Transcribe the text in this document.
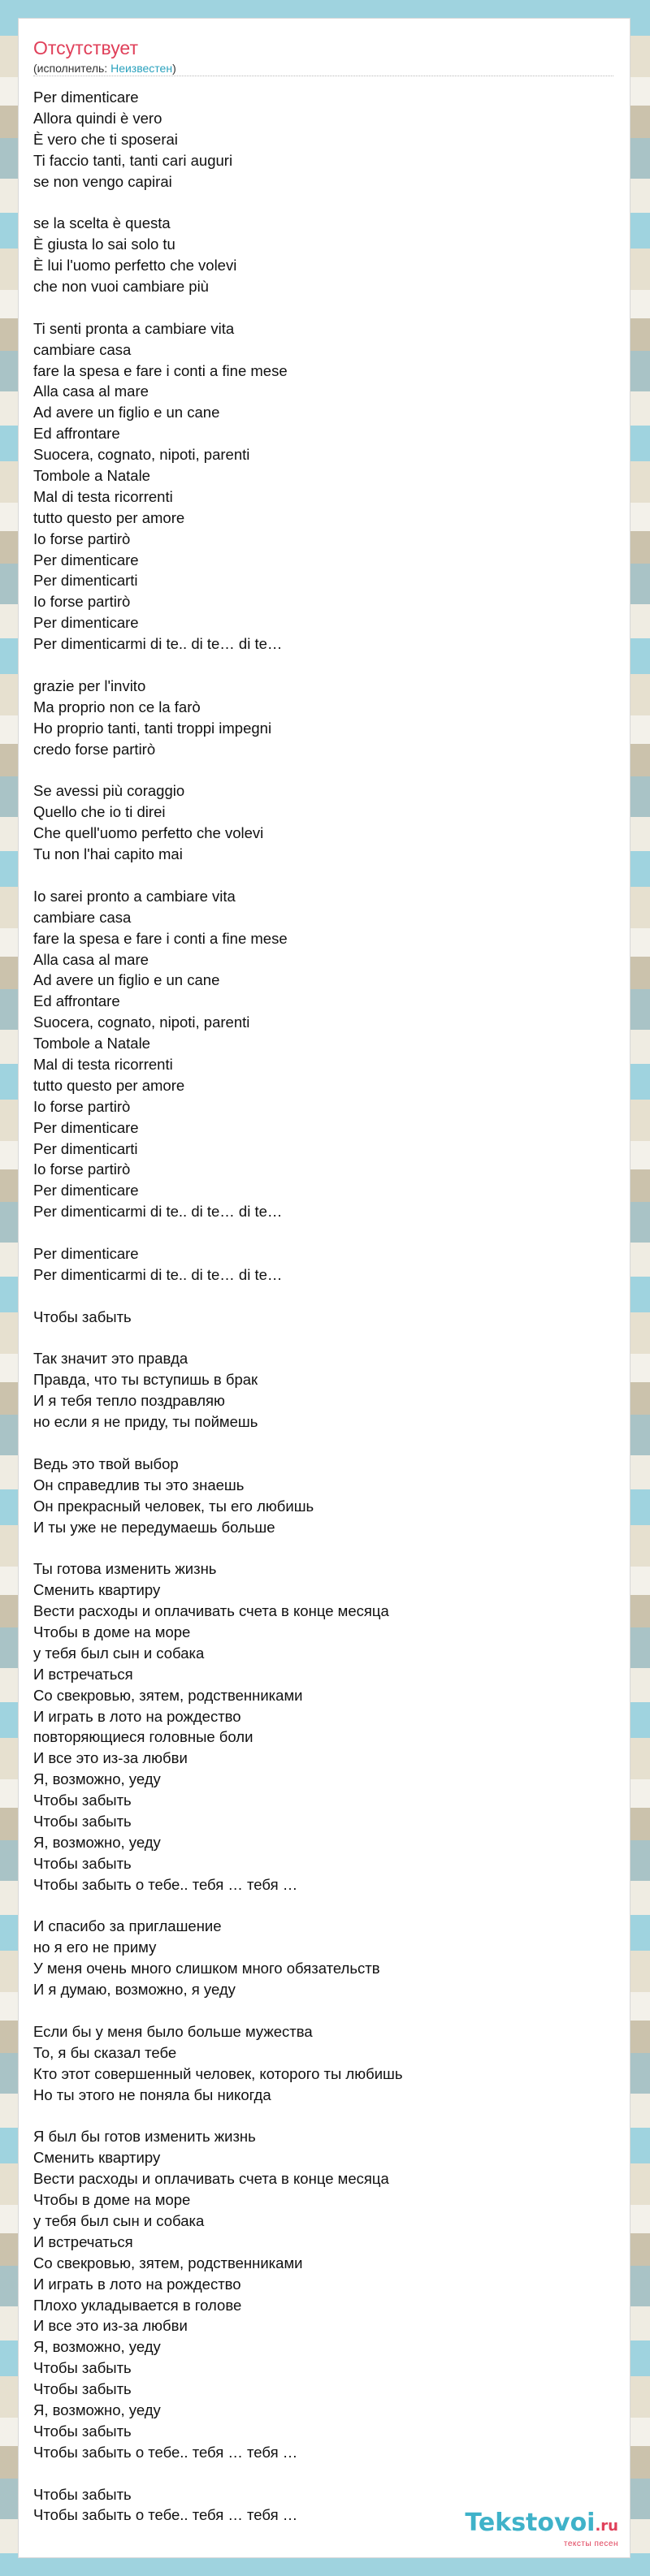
Отсутствует
(исполнитель: Неизвестен)
Per dimenticare
Allora quindi è vero
È vero che ti sposerai
Ti faccio tanti, tanti cari auguri
se non vengo capirai
se la scelta è questa
È giusta lo sai solo tu
È lui l'uomo perfetto che volevi
che non vuoi cambiare più
Ti senti pronta a cambiare vita
cambiare casa
fare la spesa e fare i conti a fine mese
Alla casa al mare
Ad avere un figlio e un cane
Ed affrontare
Suocera, cognato, nipoti, parenti
Tombole a Natale
Mal di testa ricorrenti
tutto questo per amore
Io forse partirò
Per dimenticare
Per dimenticarti
Io forse partirò
Per dimenticare
Per dimenticarmi di te.. di te… di te…
grazie per l'invito
Ma proprio non ce la farò
Ho proprio tanti, tanti troppi impegni
credo forse partirò
Se avessi più coraggio
Quello che io ti direi
Che quell'uomo perfetto che volevi
Tu non l'hai capito mai
Io sarei pronto a cambiare vita
cambiare casa
fare la spesa e fare i conti a fine mese
Alla casa al mare
Ad avere un figlio e un cane
Ed affrontare
Suocera, cognato, nipoti, parenti
Tombole a Natale
Mal di testa ricorrenti
tutto questo per amore
Io forse partirò
Per dimenticare
Per dimenticarti
Io forse partirò
Per dimenticare
Per dimenticarmi di te.. di te… di te…
Per dimenticare
Per dimenticarmi di te.. di te… di te…
Чтобы забыть
Так значит это правда
Правда, что ты вступишь в брак
И я тебя тепло поздравляю
но если я не приду, ты поймешь
Ведь это твой выбор
Он справедлив ты это знаешь
Он прекрасный человек, ты его любишь
И ты уже не передумаешь больше
Ты готова изменить жизнь
Сменить квартиру
Вести расходы и оплачивать счета в конце месяца
Чтобы в доме на море
у тебя был сын и собака
И встречаться
Со свекровью, зятем, родственниками
И играть в лото на рождество
повторяющиеся головные боли
И все это из-за любви
Я, возможно, уеду
Чтобы забыть
Чтобы забыть
Я, возможно, уеду
Чтобы забыть
Чтобы забыть о тебе.. тебя … тебя …
И спасибо за приглашение
но я его не приму
У меня очень много слишком много обязательств
И я думаю, возможно, я уеду
Если бы у меня было больше мужества
То, я бы сказал тебе
Кто этот совершенный человек, которого ты любишь
Но ты этого не поняла бы никогда
Я был бы готов изменить жизнь
Сменить квартиру
Вести расходы и оплачивать счета в конце месяца
Чтобы в доме на море
у тебя был сын и собака
И встречаться
Со свекровью, зятем, родственниками
И играть в лото на рождество
Плохо укладывается в голове
И все это из-за любви
Я, возможно, уеду
Чтобы забыть
Чтобы забыть
Я, возможно, уеду
Чтобы забыть
Чтобы забыть о тебе.. тебя … тебя …
Чтобы забыть
Чтобы забыть о тебе.. тебя … тебя …	Tekstovoi.ru
тексты песен
